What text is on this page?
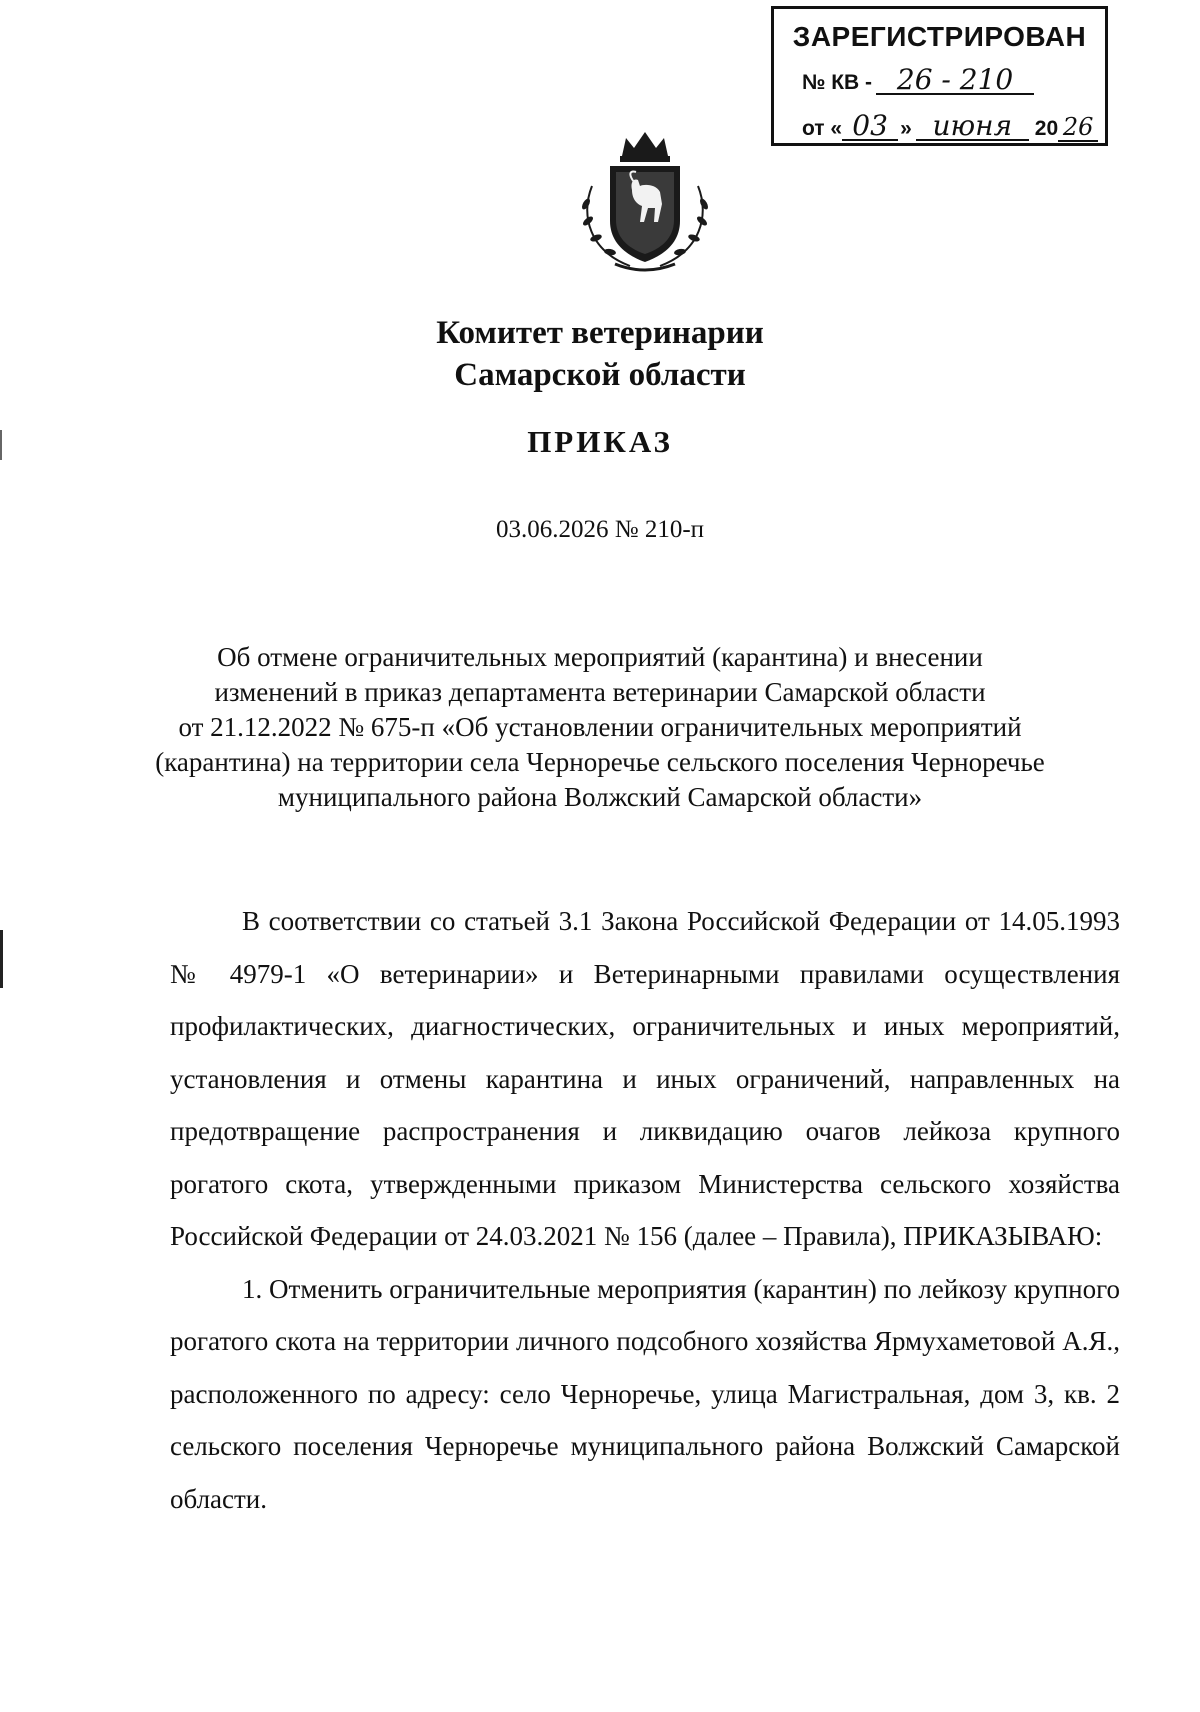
ЗАРЕГИСТРИРОВАН
№ КВ - 26 - 210
от « 03 » июня	20 26
Комитет ветеринарии
Самарской области
ПРИКАЗ
03.06.2026 № 210-п
Об отмене ограничительных мероприятий (карантина) и внесении
изменений в приказ департамента ветеринарии Самарской области
от 21.12.2022 № 675-п «Об установлении ограничительных мероприятий
(карантина) на территории села Черноречье сельского поселения Черноречье
муниципального района Волжский Самарской области»

В соответствии со статьей 3.1 Закона Российской Федерации от 14.05.1993 № 4979-1 «О ветеринарии» и Ветеринарными правилами осуществления профилактических, диагностических, ограничительных и иных мероприятий, установления и отмены карантина и иных ограничений, направленных на предотвращение распространения и ликвидацию очагов лейкоза крупного рогатого скота, утвержденными приказом Министерства сельского хозяйства Российской Федерации от 24.03.2021 № 156 (далее – Правила), ПРИКАЗЫВАЮ:

1. Отменить ограничительные мероприятия (карантин) по лейкозу крупного рогатого скота на территории личного подсобного хозяйства Ярмухаметовой А.Я., расположенного по адресу: село Черноречье, улица Магистральная, дом 3, кв. 2 сельского поселения Черноречье муниципального района Волжский Самарской области.
